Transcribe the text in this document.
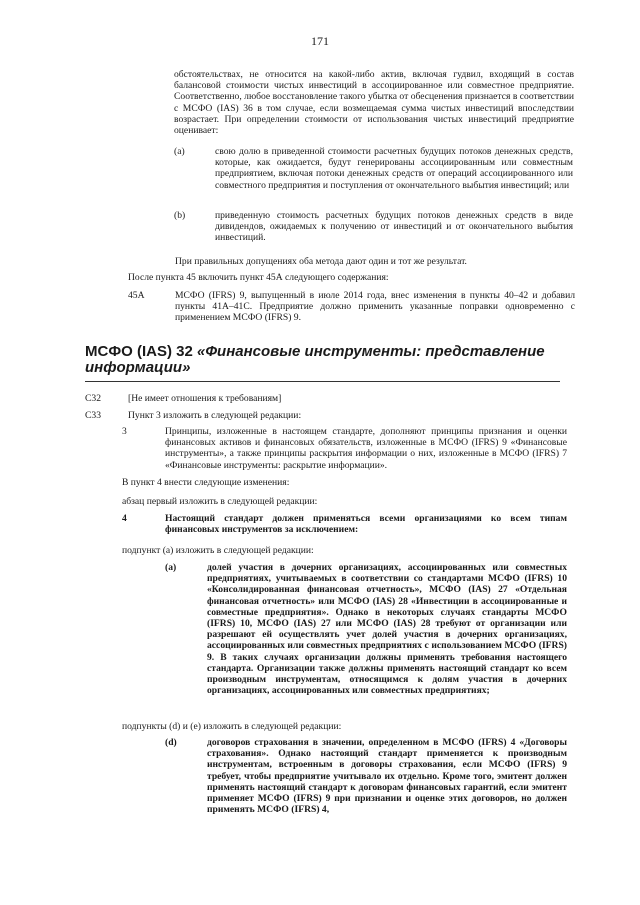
171
обстоятельствах, не относится на какой-либо актив, включая гудвил, входящий в состав балансовой стоимости чистых инвестиций в ассоциированное или совместное предприятие. Соответственно, любое восстановление такого убытка от обесценения признается в соответствии с МСФО (IAS) 36 в том случае, если возмещаемая сумма чистых инвестиций впоследствии возрастает. При определении стоимости от использования чистых инвестиций предприятие оценивает:
(а)	свою долю в приведенной стоимости расчетных будущих потоков денежных средств, которые, как ожидается, будут генерированы ассоциированным или совместным предприятием, включая потоки денежных средств от операций ассоциированного или совместного предприятия и поступления от окончательного выбытия инвестиций; или
(b)	приведенную стоимость расчетных будущих потоков денежных средств в виде дивидендов, ожидаемых к получению от инвестиций и от окончательного выбытия инвестиций.
При правильных допущениях оба метода дают один и тот же результат.
После пункта 45 включить пункт 45А следующего содержания:
45А	МСФО (IFRS) 9, выпущенный в июле 2014 года, внес изменения в пункты 40–42 и добавил пункты 41А–41С. Предприятие должно применить указанные поправки одновременно с применением МСФО (IFRS) 9.
МСФО (IAS) 32 «Финансовые инструменты: представление информации»
С32	[Не имеет отношения к требованиям]
С33	Пункт 3 изложить в следующей редакции:
3	Принципы, изложенные в настоящем стандарте, дополняют принципы признания и оценки финансовых активов и финансовых обязательств, изложенные в МСФО (IFRS) 9 «Финансовые инструменты», а также принципы раскрытия информации о них, изложенные в МСФО (IFRS) 7 «Финансовые инструменты: раскрытие информации».
В пункт 4 внести следующие изменения:
абзац первый изложить в следующей редакции:
4	Настоящий стандарт должен применяться всеми организациями ко всем типам финансовых инструментов за исключением:
подпункт (а) изложить в следующей редакции:
(а)	долей участия в дочерних организациях, ассоциированных или совместных предприятиях, учитываемых в соответствии со стандартами МСФО (IFRS) 10 «Консолидированная финансовая отчетность», МСФО (IAS) 27 «Отдельная финансовая отчетность» или МСФО (IAS) 28 «Инвестиции в ассоциированные и совместные предприятия». Однако в некоторых случаях стандарты МСФО (IFRS) 10, МСФО (IAS) 27 или МСФО (IAS) 28 требуют от организации или разрешают ей осуществлять учет долей участия в дочерних организациях, ассоциированных или совместных предприятиях с использованием МСФО (IFRS) 9. В таких случаях организации должны применять требования настоящего стандарта. Организации также должны применять настоящий стандарт ко всем производным инструментам, относящимся к долям участия в дочерних организациях, ассоциированных или совместных предприятиях;
подпункты (d) и (е) изложить в следующей редакции:
(d)	договоров страхования в значении, определенном в МСФО (IFRS) 4 «Договоры страхования». Однако настоящий стандарт применяется к производным инструментам, встроенным в договоры страхования, если МСФО (IFRS) 9 требует, чтобы предприятие учитывало их отдельно. Кроме того, эмитент должен применять настоящий стандарт к договорам финансовых гарантий, если эмитент применяет МСФО (IFRS) 9 при признании и оценке этих договоров, но должен применять МСФО (IFRS) 4,
